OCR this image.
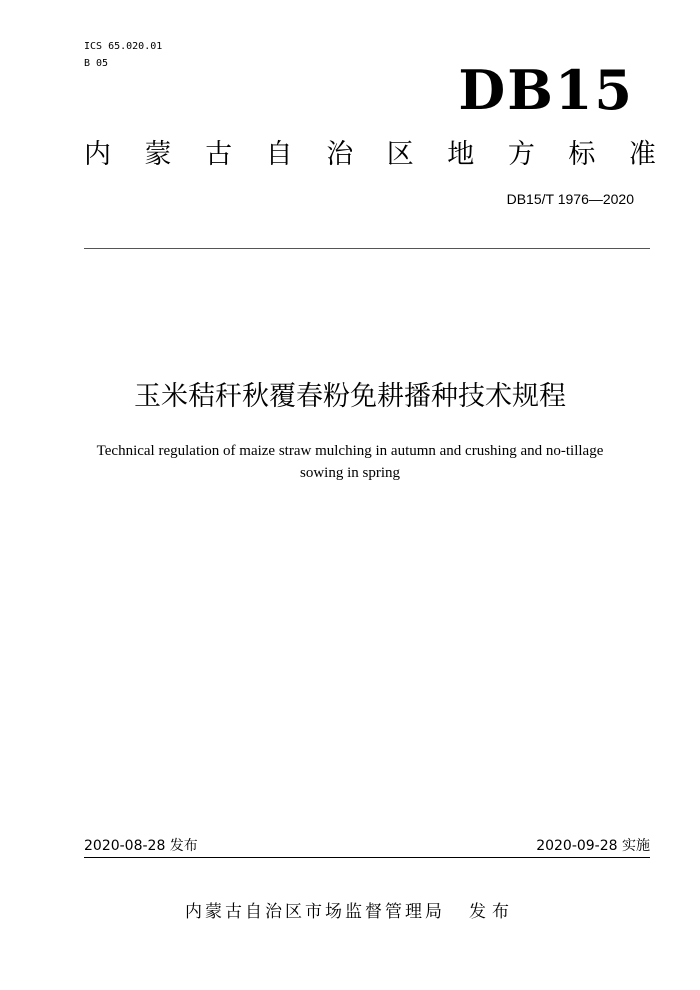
ICS 65.020.01
B 05	DB15
内 蒙 古 自 治 区 地 方 标 准
DB15/T 1976—2020
玉米秸秆秋覆春粉免耕播种技术规程
Technical regulation of maize straw mulching in autumn and crushing and no-tillage
sowing in spring
2020-08-28 发布	2020-09-28 实施
内蒙古自治区市场监督管理局 发布
